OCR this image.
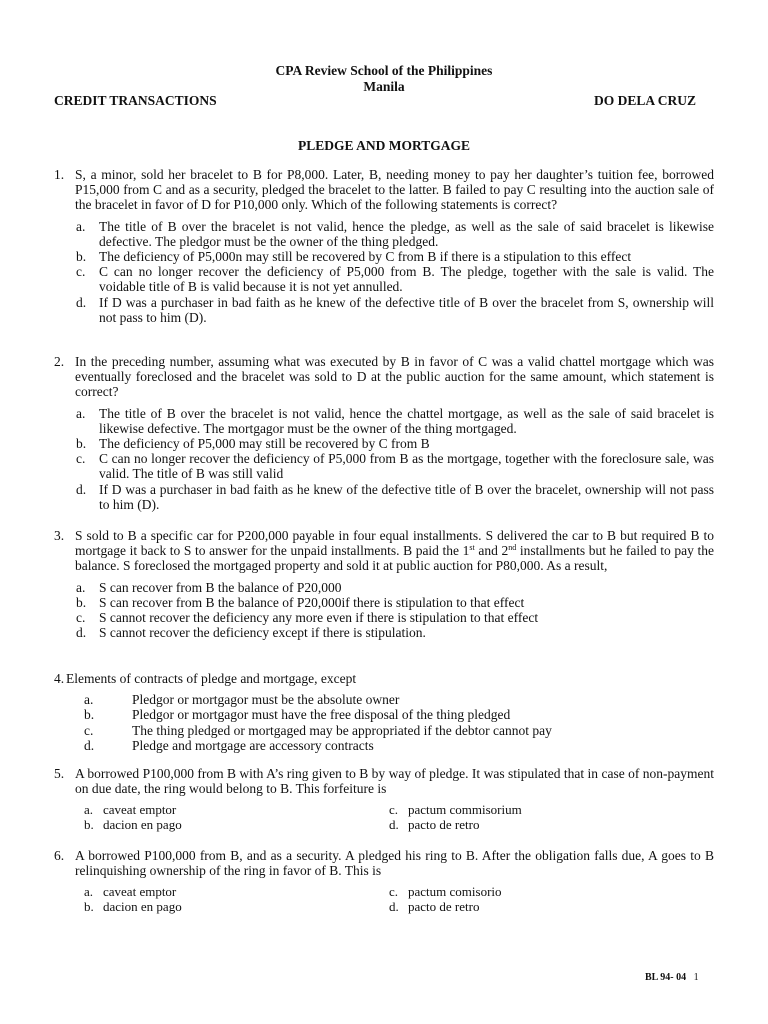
CPA Review School of the Philippines
Manila
CREDIT TRANSACTIONS	DO DELA CRUZ
PLEDGE AND MORTGAGE
1. S, a minor, sold her bracelet to B for P8,000. Later, B, needing money to pay her daughter’s tuition fee, borrowed P15,000 from C and as a security, pledged the bracelet to the latter. B failed to pay C resulting into the auction sale of the bracelet in favor of D for P10,000 only. Which of the following statements is correct?
a. The title of B over the bracelet is not valid, hence the pledge, as well as the sale of said bracelet is likewise defective. The pledgor must be the owner of the thing pledged.
b. The deficiency of P5,000n may still be recovered by C from B if there is a stipulation to this effect
c. C can no longer recover the deficiency of P5,000 from B. The pledge, together with the sale is valid. The voidable title of B is valid because it is not yet annulled.
d. If D was a purchaser in bad faith as he knew of the defective title of B over the bracelet from S, ownership will not pass to him (D).
2. In the preceding number, assuming what was executed by B in favor of C was a valid chattel mortgage which was eventually foreclosed and the bracelet was sold to D at the public auction for the same amount, which statement is correct?
a. The title of B over the bracelet is not valid, hence the chattel mortgage, as well as the sale of said bracelet is likewise defective. The mortgagor must be the owner of the thing mortgaged.
b. The deficiency of P5,000 may still be recovered by C from B
c. C can no longer recover the deficiency of P5,000 from B as the mortgage, together with the foreclosure sale, was valid. The title of B was still valid
d. If D was a purchaser in bad faith as he knew of the defective title of B over the bracelet, ownership will not pass to him (D).
3. S sold to B a specific car for P200,000 payable in four equal installments. S delivered the car to B but required B to mortgage it back to S to answer for the unpaid installments. B paid the 1st and 2nd installments but he failed to pay the balance. S foreclosed the mortgaged property and sold it at public auction for P80,000. As a result,
a. S can recover from B the balance of P20,000
b. S can recover from B the balance of P20,000if there is stipulation to that effect
c. S cannot recover the deficiency any more even if there is stipulation to that effect
d. S cannot recover the deficiency except if there is stipulation.
4. Elements of contracts of pledge and mortgage, except
a.	Pledgor or mortgagor must be the absolute owner
b.	Pledgor or mortgagor must have the free disposal of the thing pledged
c.	The thing pledged or mortgaged may be appropriated if the debtor cannot pay
d.	Pledge and mortgage are accessory contracts
5. A borrowed P100,000 from B with A’s ring given to B by way of pledge. It was stipulated that in case of non-payment on due date, the ring would belong to B. This forfeiture is
a. caveat emptor
b. dacion en pago
c. pactum commisorium
d. pacto de retro
6. A borrowed P100,000 from B, and as a security. A pledged his ring to B. After the obligation falls due, A goes to B relinquishing ownership of the ring in favor of B. This is
a. caveat emptor
b. dacion en pago
c. pactum comisorio
d. pacto de retro
BL 94- 04 1
